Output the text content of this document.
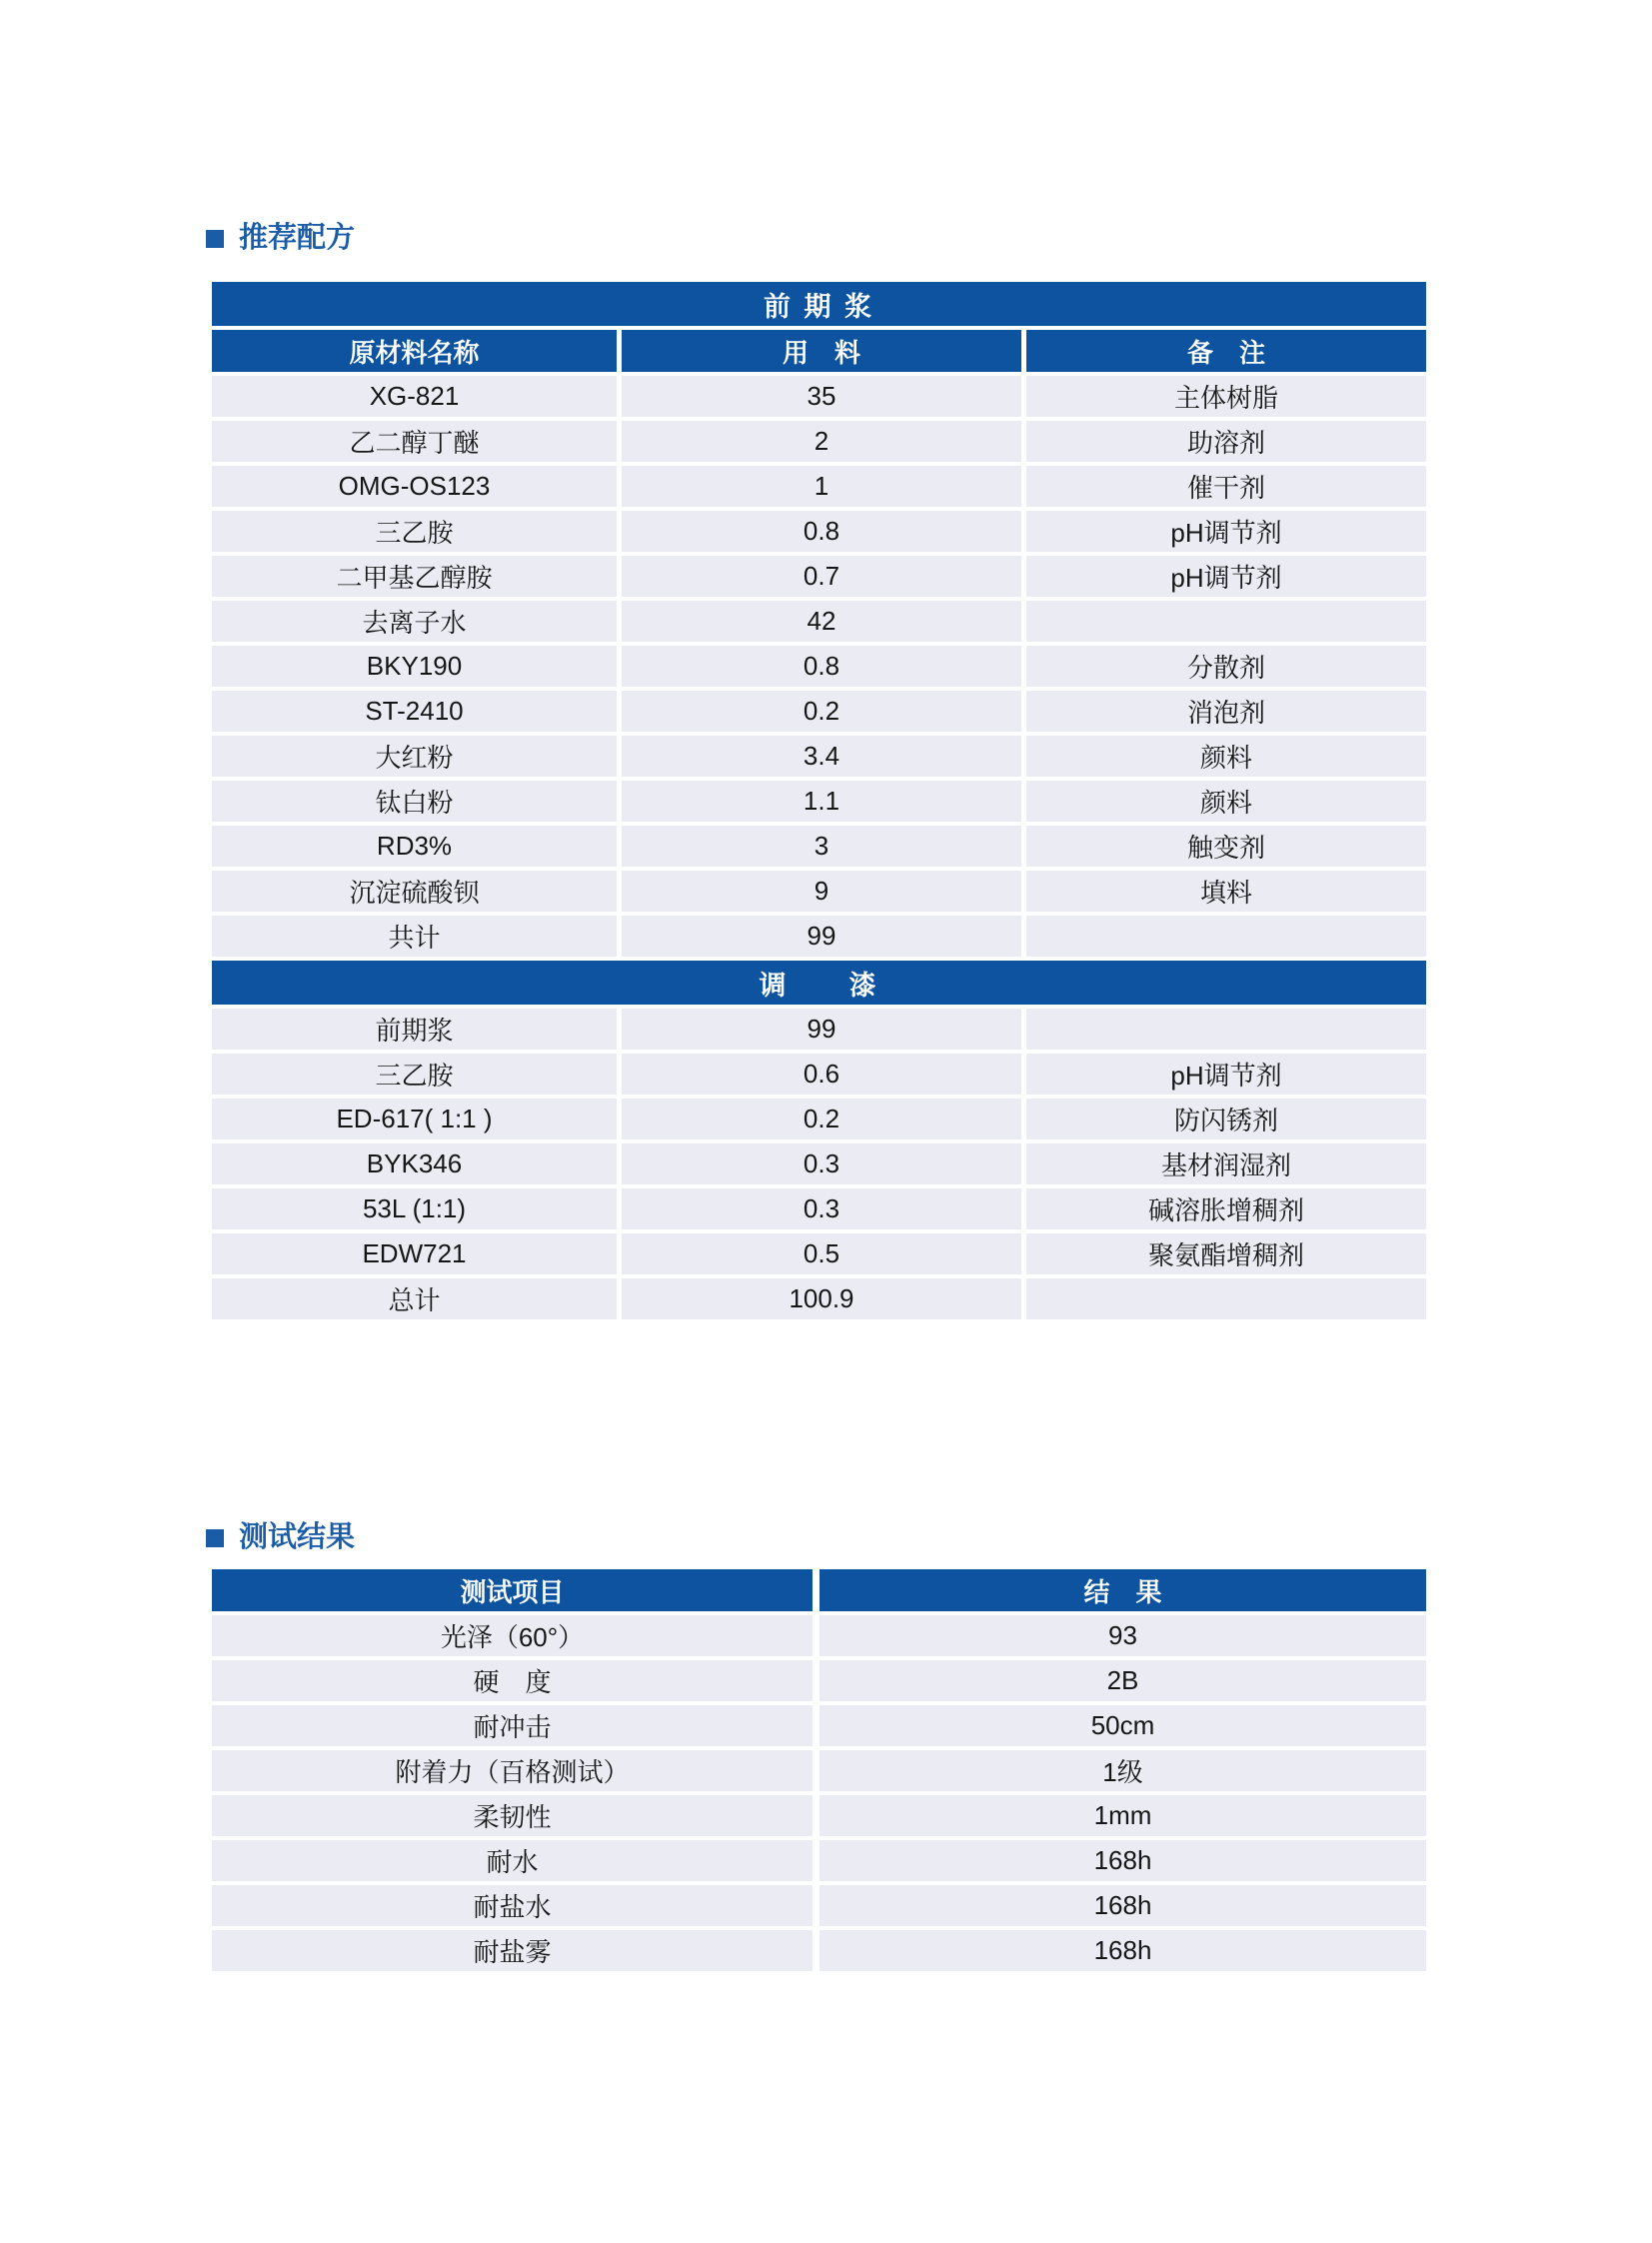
推荐配方
前 期 浆
原材料名称	用　料	备　注
XG-821	35	主体树脂
乙二醇丁醚	2	助溶剂
OMG-OS123	1	催干剂
三乙胺	0.8	pH调节剂
二甲基乙醇胺	0.7	pH调节剂
去离子水	42
BKY190	0.8	分散剂
ST-2410	0.2	消泡剂
大红粉	3.4	颜料
钛白粉	1.1	颜料
RD3%	3	触变剂
沉淀硫酸钡	9	填料
共计	99
调　　漆
前期浆	99
三乙胺	0.6	pH调节剂
ED-617( 1:1 )	0.2	防闪锈剂
BYK346	0.3	基材润湿剂
53L (1:1)	0.3	碱溶胀增稠剂
EDW721	0.5	聚氨酯增稠剂
总计	100.9
测试结果
测试项目	结　果
光泽（60°）	93
硬　度	2B
耐冲击	50cm
附着力（百格测试）	1级
柔韧性	1mm
耐水	168h
耐盐水	168h
耐盐雾	168h
